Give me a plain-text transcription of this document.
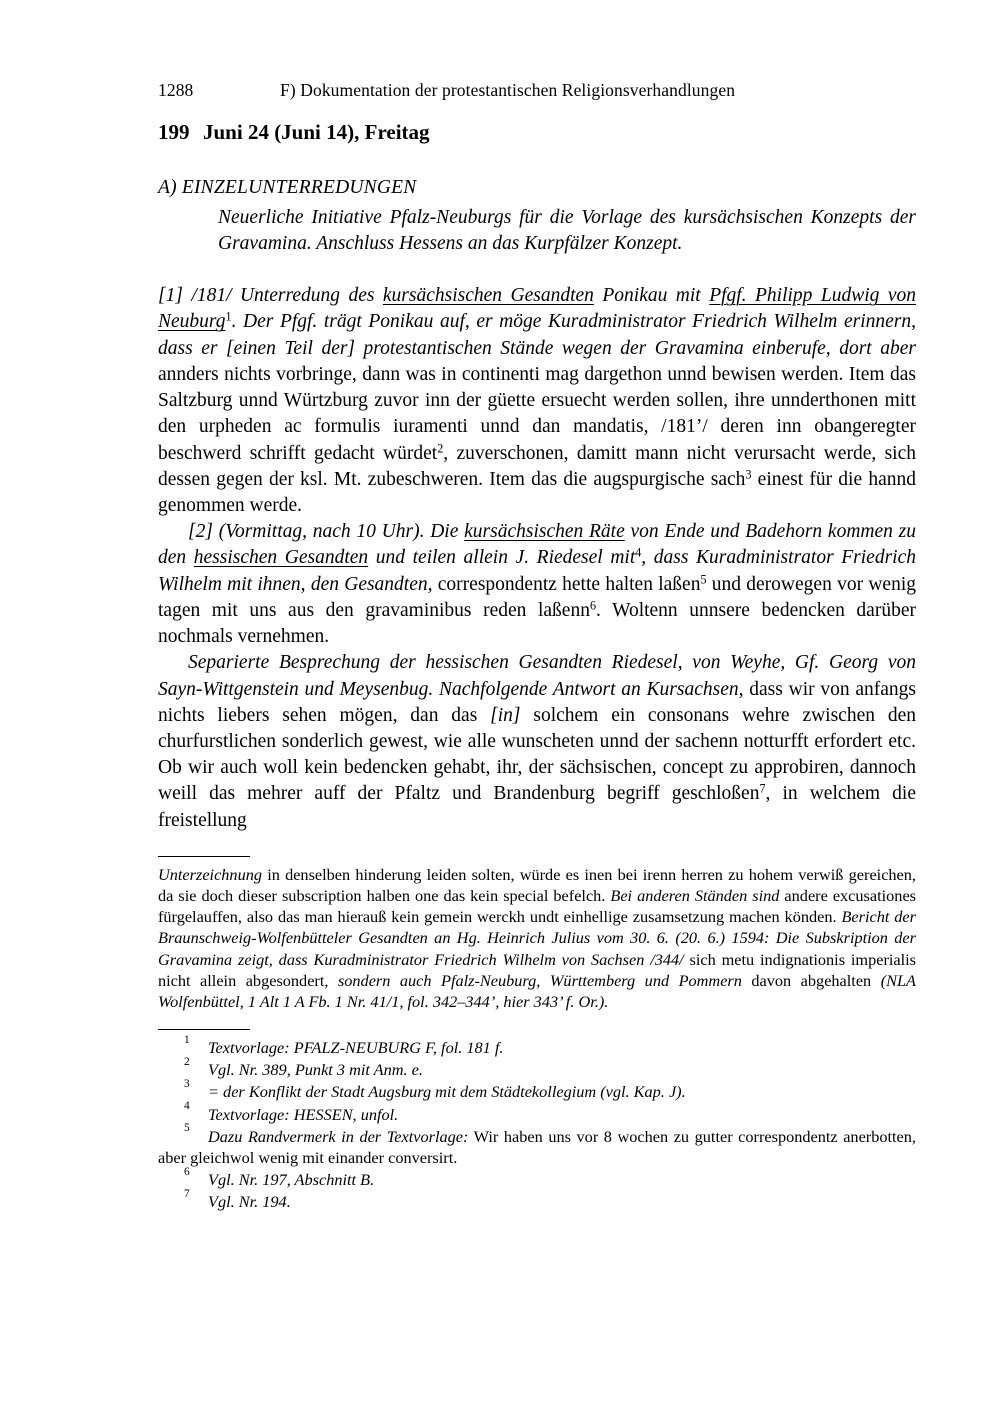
1288	F) Dokumentation der protestantischen Religionsverhandlungen
199 Juni 24 (Juni 14), Freitag
A) EINZELUNTERREDUNGEN
Neuerliche Initiative Pfalz-Neuburgs für die Vorlage des kursächsischen Konzepts der Gravamina. Anschluss Hessens an das Kurpfälzer Konzept.

[1] /181/ Unterredung des kursächsischen Gesandten Ponikau mit Pfgf. Philipp Ludwig von Neuburg$^1$. Der Pfgf. trägt Ponikau auf, er möge Kuradministrator Friedrich Wilhelm erinnern, dass er [einen Teil der] protestantischen Stände wegen der Gravamina einberufe, dort aber annders nichts vorbringe, dann was in continenti mag dargethon unnd bewisen werden. Item das Saltzburg unnd Würtzburg zuvor inn der güette ersuecht werden sollen, ihre unnderthonen mitt den urpheden ac formulis iuramenti unnd dan mandatis, /181’/ deren inn obangeregter beschwerd schrifft gedacht würdet$^2$, zuverschonen, damitt mann nicht verursacht werde, sich dessen gegen der ksl. Mt. zubeschweren. Item das die augspurgische sach$^3$ einest für die hannd genommen werde.

[2] (Vormittag, nach 10 Uhr). Die kursächsischen Räte von Ende und Badehorn kommen zu den hessischen Gesandten und teilen allein J. Riedesel mit$^4$, dass Kuradministrator Friedrich Wilhelm mit ihnen, den Gesandten, correspondentz hette halten laßen$^5$ und derowegen vor wenig tagen mit uns aus den gravaminibus reden laßenn$^6$. Woltenn unnsere bedencken darüber nochmals vernehmen.

Separierte Besprechung der hessischen Gesandten Riedesel, von Weyhe, Gf. Georg von Sayn-Wittgenstein und Meysenbug. Nachfolgende Antwort an Kursachsen, dass wir von anfangs nichts liebers sehen mögen, dan das [in] solchem ein consonans wehre zwischen den churfurstlichen sonderlich gewest, wie alle wunscheten unnd der sachenn notturfft erfordert etc. Ob wir auch woll kein bedencken gehabt, ihr, der sächsischen, concept zu approbiren, dannoch weill das mehrer auff der Pfaltz und Brandenburg begriff geschloßen$^7$, in welchem die freistellung

Unterzeichnung in denselben hinderung leiden solten, würde es inen bei irenn herren zu hohem verwiß gereichen, da sie doch dieser subscription halben one das kein special befelch. Bei anderen Ständen sind andere excusationes fürgelauffen, also das man hierauß kein gemein werckh undt einhellige zusamsetzung machen könden. Bericht der Braunschweig-Wolfenbütteler Gesandten an Hg. Heinrich Julius vom 30. 6. (20. 6.) 1594: Die Subskription der Gravamina zeigt, dass Kuradministrator Friedrich Wilhelm von Sachsen /344/ sich metu indignationis imperialis nicht allein abgesondert, sondern auch Pfalz-Neuburg, Württemberg und Pommern davon abgehalten (NLA Wolfenbüttel, 1 Alt 1 A Fb. 1 Nr. 41/1, fol. 342–344’, hier 343’ f. Or.).
1	Textvorlage: PFALZ-NEUBURG F, fol. 181 f.
2	Vgl. Nr. 389, Punkt 3 mit Anm. e.
3	= der Konflikt der Stadt Augsburg mit dem Städtekollegium (vgl. Kap. J).
4	Textvorlage: HESSEN, unfol.
5	Dazu Randvermerk in der Textvorlage: Wir haben uns vor 8 wochen zu gutter correspondentz anerbotten, aber gleichwol wenig mit einander conversirt.
6	Vgl. Nr. 197, Abschnitt B.
7	Vgl. Nr. 194.
